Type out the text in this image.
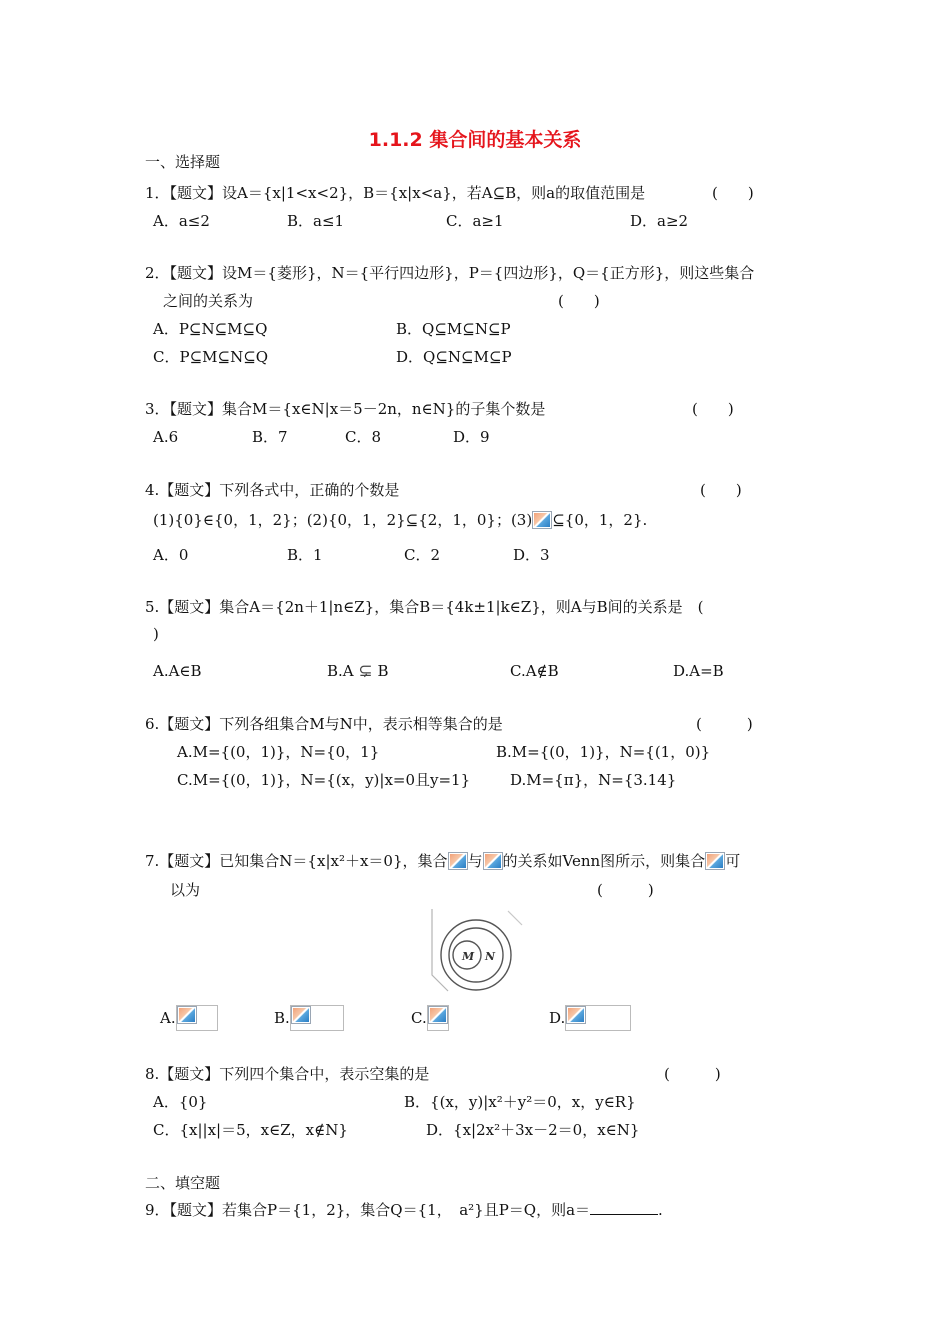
1.1.2 集合间的基本关系
一、选择题
1．【题文】设A＝{x|1<x<2}，B＝{x|x<a}，若A⊆B，则a的取值范围是	(　　)
A．a≤2	B．a≤1	C．a≥1	D．a≥2
2．【题文】设M＝{菱形}，N＝{平行四边形}，P＝{四边形}，Q＝{正方形}，则这些集合
之间的关系为	(　　)
A．P⊆N⊆M⊆Q	B．Q⊆M⊆N⊆P
C．P⊆M⊆N⊆Q	D．Q⊆N⊆M⊆P
3．【题文】集合M＝{x∈N|x＝5－2n，n∈N}的子集个数是	(　　)
A.6	B．7	C．8	D．9
4.【题文】下列各式中，正确的个数是	(　　)
(1){0}∈{0，1，2}；(2){0，1，2}⊆{2，1，0}；(3) ⊆{0，1，2}.
A．0	B．1	C．2	D．3
5.【题文】集合A＝{2n＋1|n∈Z}，集合B＝{4k±1|k∈Z}，则A与B间的关系是　(
)
A.A∈B	B.A ⊊ B	C.A∉B	D.A=B
6.【题文】下列各组集合M与N中，表示相等集合的是	(　　　)
A.M={(0，1)}，N={0，1}	B.M={(0，1)}，N={(1，0)}
C.M={(0，1)}，N={(x，y)|x=0且y=1}	D.M={π}，N={3.14}
7.【题文】已知集合N＝{x|x²＋x＝0}，集合 与 的关系如Venn图所示，则集合 可
以为	(　　　)
M N
A.	B.	C.	D.
8.【题文】下列四个集合中，表示空集的是	(　　　)
A．{0}	B．{(x，y)|x²＋y²＝0，x，y∈R}
C．{x||x|＝5，x∈Z，x∉N}	D．{x|2x²＋3x－2＝0，x∈N}
二、填空题
9．【题文】若集合P＝{1，2}，集合Q＝{1，　a²}且P＝Q，则a＝	.
